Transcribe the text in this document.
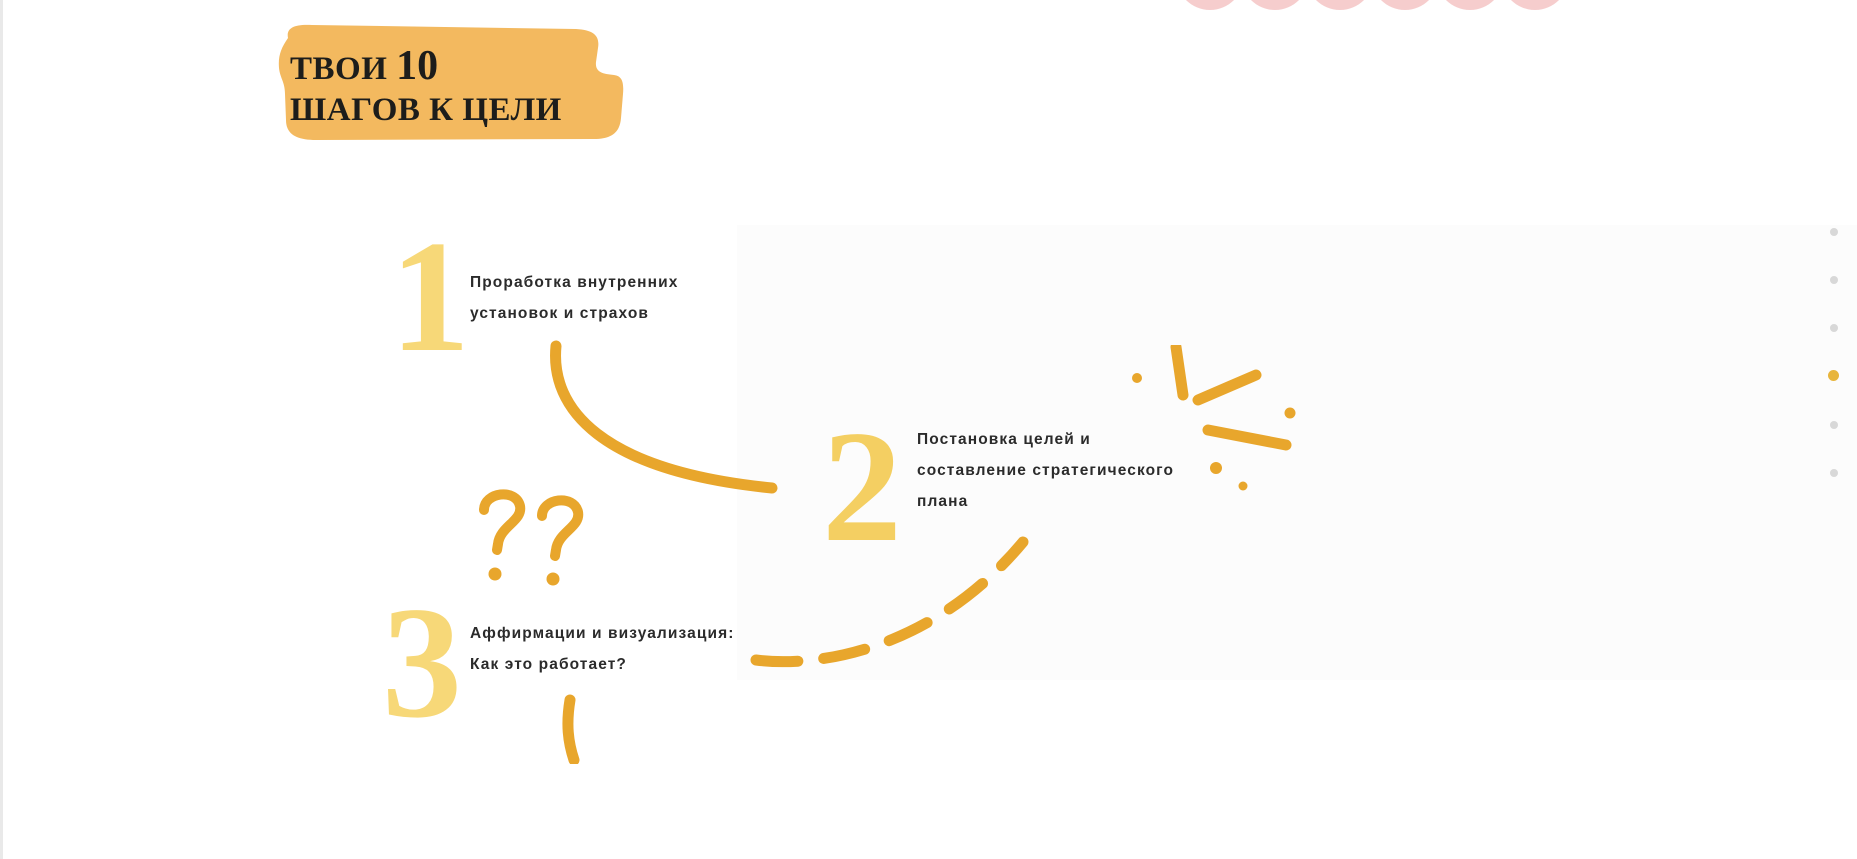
ТВОИ 10
ШАГОВ К ЦЕЛИ
1 Проработка внутренних
установок и страхов
2 Постановка целей и
составление стратегического
плана
3 Аффирмации и визуализация:
Как это работает?
